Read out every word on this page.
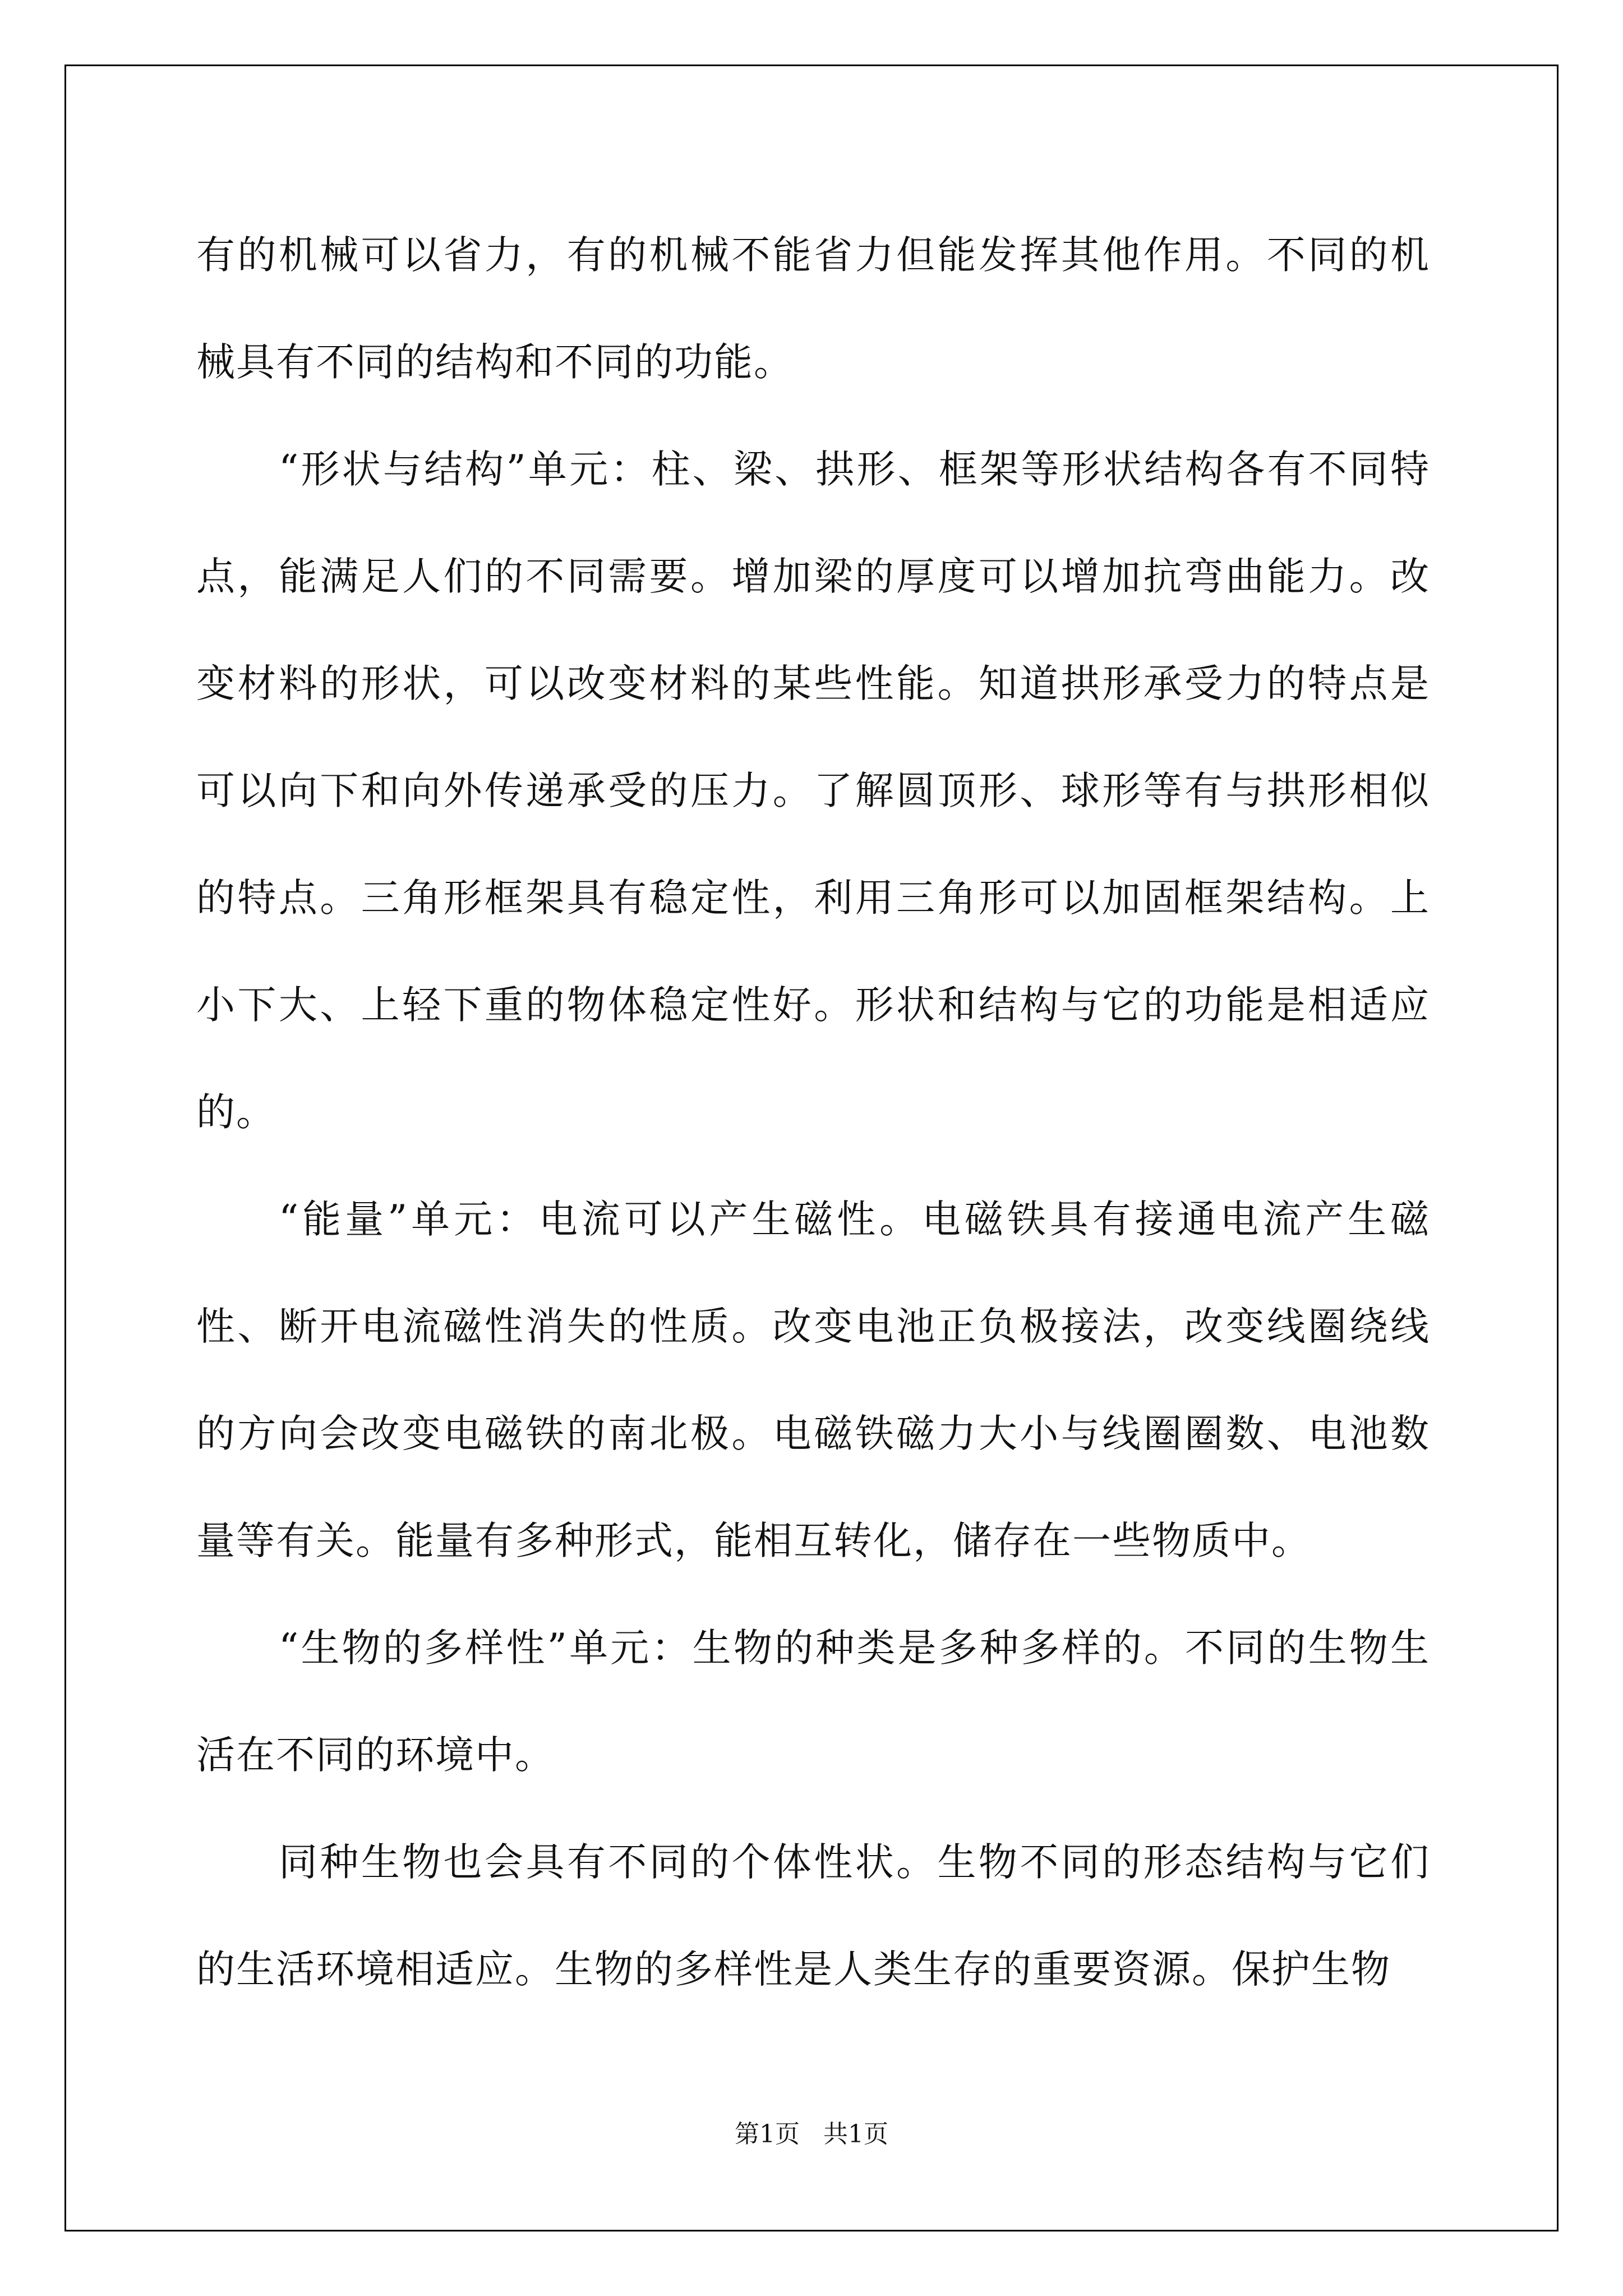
有的机械可以省力，有的机械不能省力但能发挥其他作用。不同的机械具有不同的结构和不同的功能。

“形状与结构”单元：柱、梁、拱形、框架等形状结构各有不同特点，能满足人们的不同需要。增加梁的厚度可以增加抗弯曲能力。改变材料的形状，可以改变材料的某些性能。知道拱形承受力的特点是可以向下和向外传递承受的压力。了解圆顶形、球形等有与拱形相似的特点。三角形框架具有稳定性，利用三角形可以加固框架结构。上小下大、上轻下重的物体稳定性好。形状和结构与它的功能是相适应的。

“能量”单元：电流可以产生磁性。电磁铁具有接通电流产生磁性、断开电流磁性消失的性质。改变电池正负极接法，改变线圈绕线的方向会改变电磁铁的南北极。电磁铁磁力大小与线圈圈数、电池数量等有关。能量有多种形式，能相互转化，储存在一些物质中。

“生物的多样性”单元：生物的种类是多种多样的。不同的生物生活在不同的环境中。

同种生物也会具有不同的个体性状。生物不同的形态结构与它们的生活环境相适应。生物的多样性是人类生存的重要资源。保护生物

第1页 共1页
